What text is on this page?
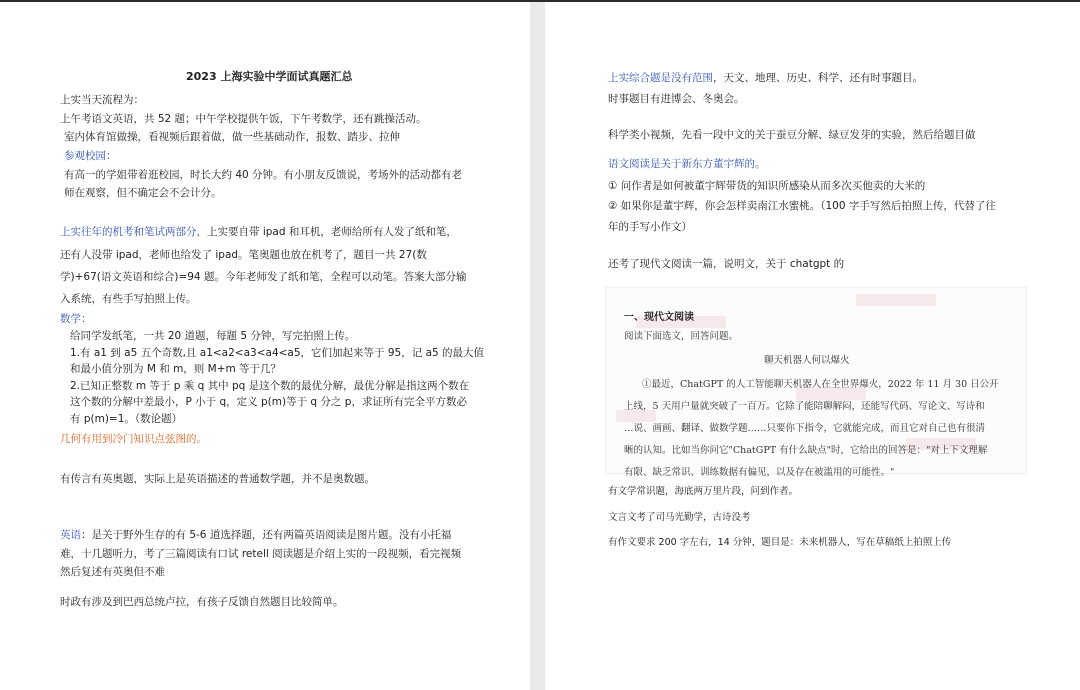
2023 上海实验中学面试真题汇总

上实当天流程为：

上午考语文英语，共 52 题；中午学校提供午饭，下午考数学，还有跳操活动。

室内体育馆做操，看视频后跟着做，做一些基础动作，报数、踏步、拉伸

参观校园：

有高一的学姐带着逛校园，时长大约 40 分钟。有小朋友反馈说，考场外的活动都有老

师在观察，但不确定会不会计分。

上实往年的机考和笔试两部分，上实要自带 ipad 和耳机，老师给所有人发了纸和笔，

还有人没带 ipad，老师也给发了 ipad。笔奥题也放在机考了，题目一共 27(数

学)+67(语文英语和综合)=94 题。今年老师发了纸和笔，全程可以动笔。答案大部分输

入系统，有些手写拍照上传。

数学：

给同学发纸笔，一共 20 道题，每题 5 分钟，写完拍照上传。

1.有 a1 到 a5 五个奇数,且 a1<a2<a3<a4<a5，它们加起来等于 95，记 a5 的最大值

和最小值分别为 M 和 m，则 M+m 等于几？

2.已知正整数 m 等于 p 乘 q 其中 pq 是这个数的最优分解，最优分解是指这两个数在

这个数的分解中差最小，P 小于 q，定义 p(m)等于 q 分之 p，求证所有完全平方数必

有 p(m)=1。（数论题）

几何有用到冷门知识点弦图的。

有传言有英奥题，实际上是英语描述的普通数学题，并不是奥数题。

英语：是关于野外生存的有 5-6 道选择题，还有两篇英语阅读是图片题。没有小托福

难，十几题听力，考了三篇阅读有口试 retell 阅读题是介绍上实的一段视频，看完视频

然后复述有英奥但不难

时政有涉及到巴西总统卢拉，有孩子反馈自然题目比较简单。

上实综合题是没有范围，天文、地理、历史、科学、还有时事题目。

时事题目有进博会、冬奥会。

科学类小视频，先看一段中文的关于蚕豆分解、绿豆发芽的实验，然后给题目做

语文阅读是关于新东方董宇辉的。

① 问作者是如何被董宇辉带货的知识所感染从而多次买他卖的大米的

② 如果你是董宇辉，你会怎样卖南江水蜜桃。（100 字手写然后拍照上传，代替了往

年的手写小作文）

还考了现代文阅读一篇，说明文，关于 chatgpt 的

一、现代文阅读

阅读下面选文，回答问题。

聊天机器人何以爆火

①最近，ChatGPT 的人工智能聊天机器人在全世界爆火，2022 年 11 月 30 日公开

上线，5 天用户量就突破了一百万。它除了能陪聊解闷，还能写代码、写论文、写诗和

…说、画画、翻译、做数学题……只要你下指令，它就能完成，而且它对自己也有很清

晰的认知。比如当你问它"ChatGPT 有什么缺点"时，它给出的回答是："对上下文理解

有限、缺乏常识、训练数据有偏见，以及存在被滥用的可能性。"

有文学常识题，海底两万里片段，问到作者。

文言文考了司马光勤学，古诗没考

有作文要求 200 字左右，14 分钟，题目是：未来机器人，写在草稿纸上拍照上传
